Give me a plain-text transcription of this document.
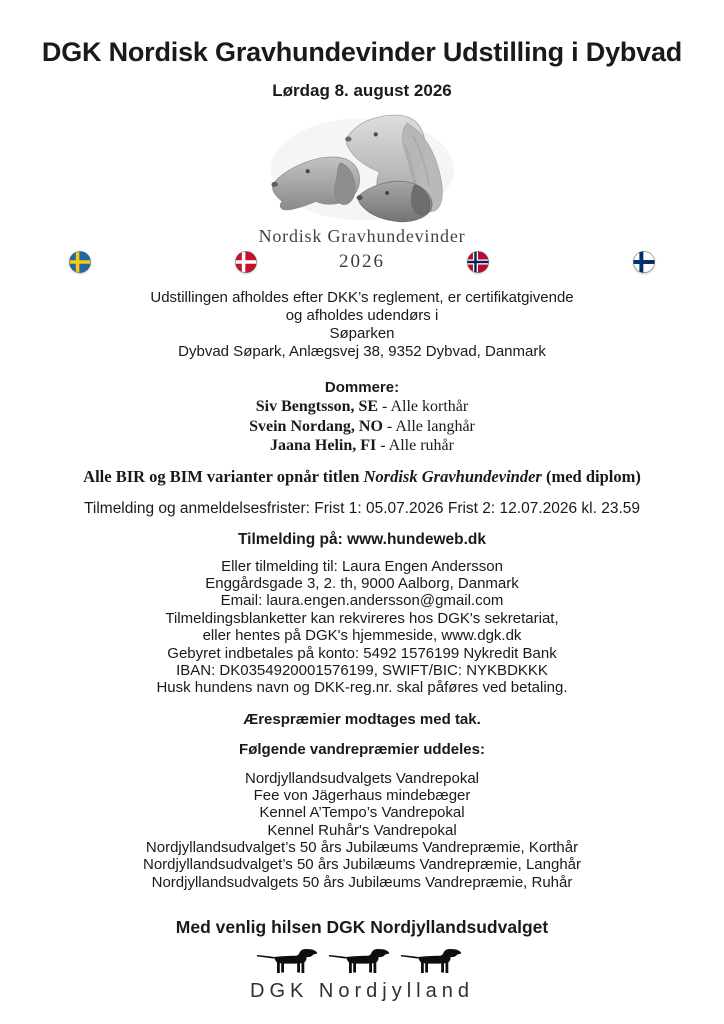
DGK Nordisk Gravhundevinder Udstilling i Dybvad
Lørdag 8. august 2026
Nordisk Gravhundevinder
2026
Udstillingen afholdes efter DKK’s reglement, er certifikatgivende
og afholdes udendørs i
Søparken
Dybvad Søpark, Anlægsvej 38, 9352 Dybvad, Danmark
Dommere:
Siv Bengtsson, SE - Alle korthår
Svein Nordang, NO - Alle langhår
Jaana Helin, FI - Alle ruhår
Alle BIR og BIM varianter opnår titlen Nordisk Gravhundevinder (med diplom)
Tilmelding og anmeldelsesfrister: Frist 1: 05.07.2026 Frist 2: 12.07.2026 kl. 23.59
Tilmelding på: www.hundeweb.dk
Eller tilmelding til: Laura Engen Andersson
Enggårdsgade 3, 2. th, 9000 Aalborg, Danmark
Email: laura.engen.andersson@gmail.com
Tilmeldingsblanketter kan rekvireres hos DGK's sekretariat,
eller hentes på DGK's hjemmeside, www.dgk.dk
Gebyret indbetales på konto: 5492 1576199 Nykredit Bank
IBAN: DK0354920001576199, SWIFT/BIC: NYKBDKKK
Husk hundens navn og DKK-reg.nr. skal påføres ved betaling.
Ærespræmier modtages med tak.
Følgende vandrepræmier uddeles:
Nordjyllandsudvalgets Vandrepokal
Fee von Jägerhaus mindebæger
Kennel A’Tempo’s Vandrepokal
Kennel Ruhår's Vandrepokal
Nordjyllandsudvalget’s 50 års Jubilæums Vandrepræmie, Korthår
Nordjyllandsudvalget’s 50 års Jubilæums Vandrepræmie, Langhår
Nordjyllandsudvalgets 50 års Jubilæums Vandrepræmie, Ruhår
Med venlig hilsen DGK Nordjyllandsudvalget
DGK Nordjylland
